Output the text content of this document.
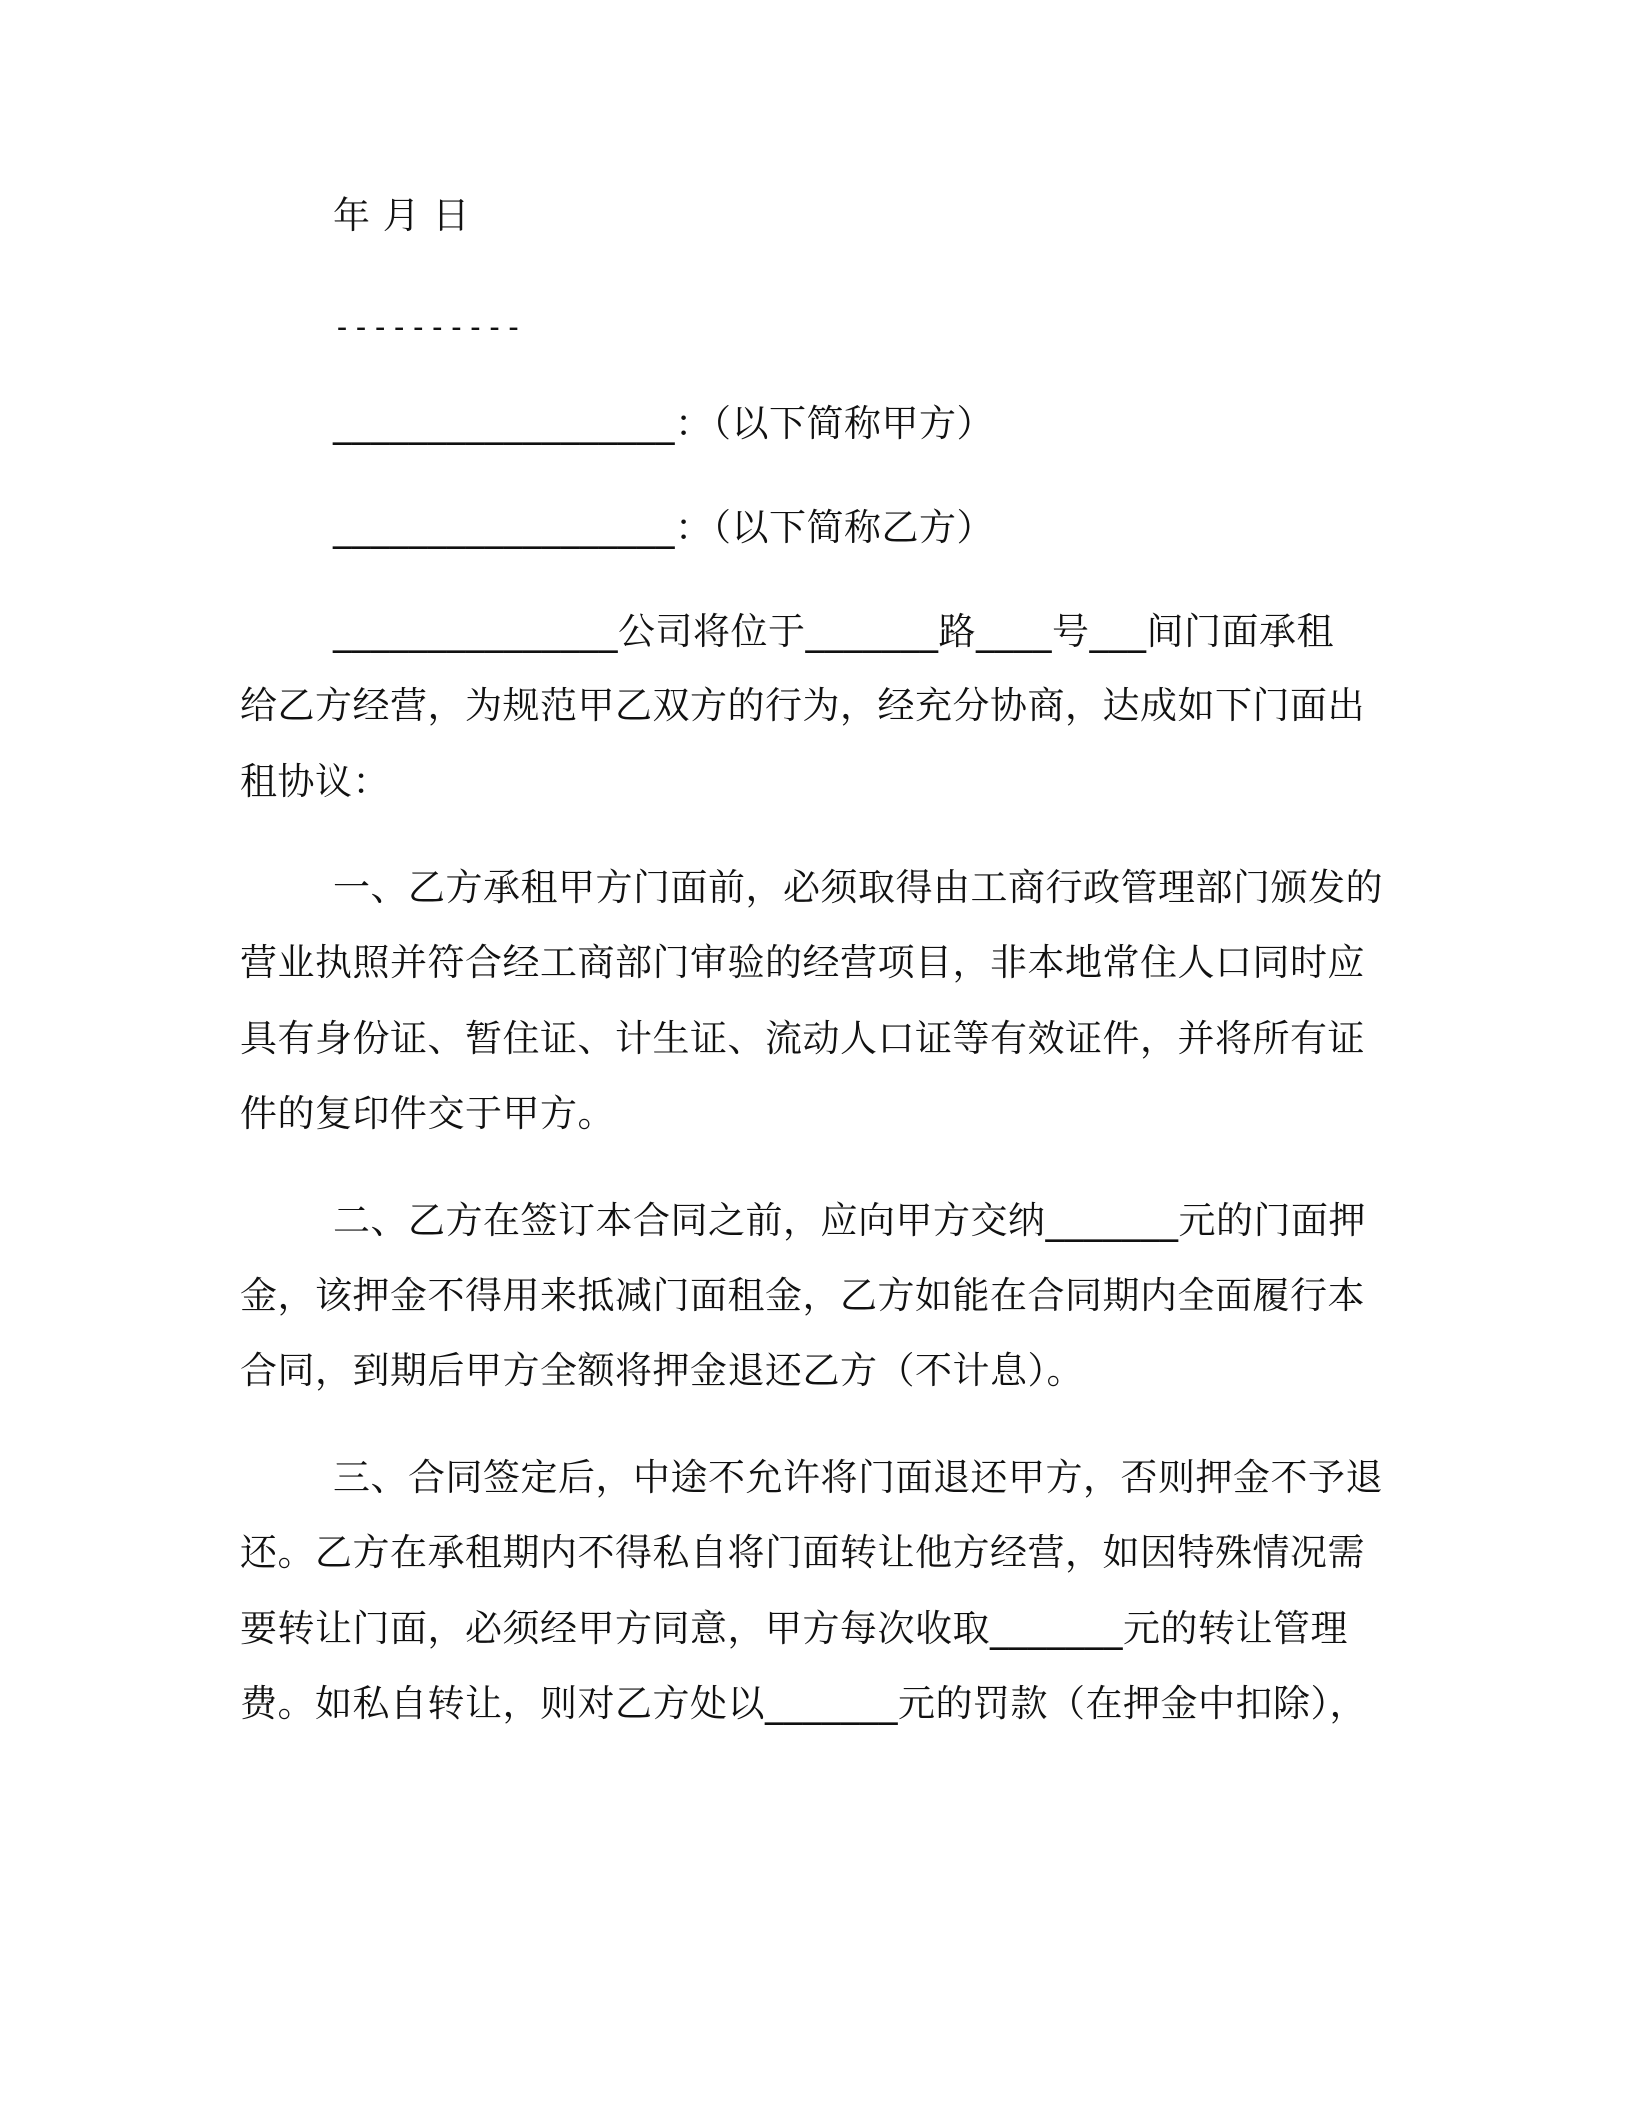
年 月 日
----------
__________________：（以下简称甲方）
__________________：（以下简称乙方）
_______________公司将位于_______路____号___间门面承租
给乙方经营，为规范甲乙双方的行为，经充分协商，达成如下门面出
租协议：
一、乙方承租甲方门面前，必须取得由工商行政管理部门颁发的
营业执照并符合经工商部门审验的经营项目，非本地常住人口同时应
具有身份证、暂住证、计生证、流动人口证等有效证件，并将所有证
件的复印件交于甲方。
二、乙方在签订本合同之前，应向甲方交纳_______元的门面押
金，该押金不得用来抵减门面租金，乙方如能在合同期内全面履行本
合同，到期后甲方全额将押金退还乙方（不计息）。
三、合同签定后，中途不允许将门面退还甲方，否则押金不予退
还。乙方在承租期内不得私自将门面转让他方经营，如因特殊情况需
要转让门面，必须经甲方同意，甲方每次收取_______元的转让管理
费。如私自转让，则对乙方处以_______元的罚款（在押金中扣除），
